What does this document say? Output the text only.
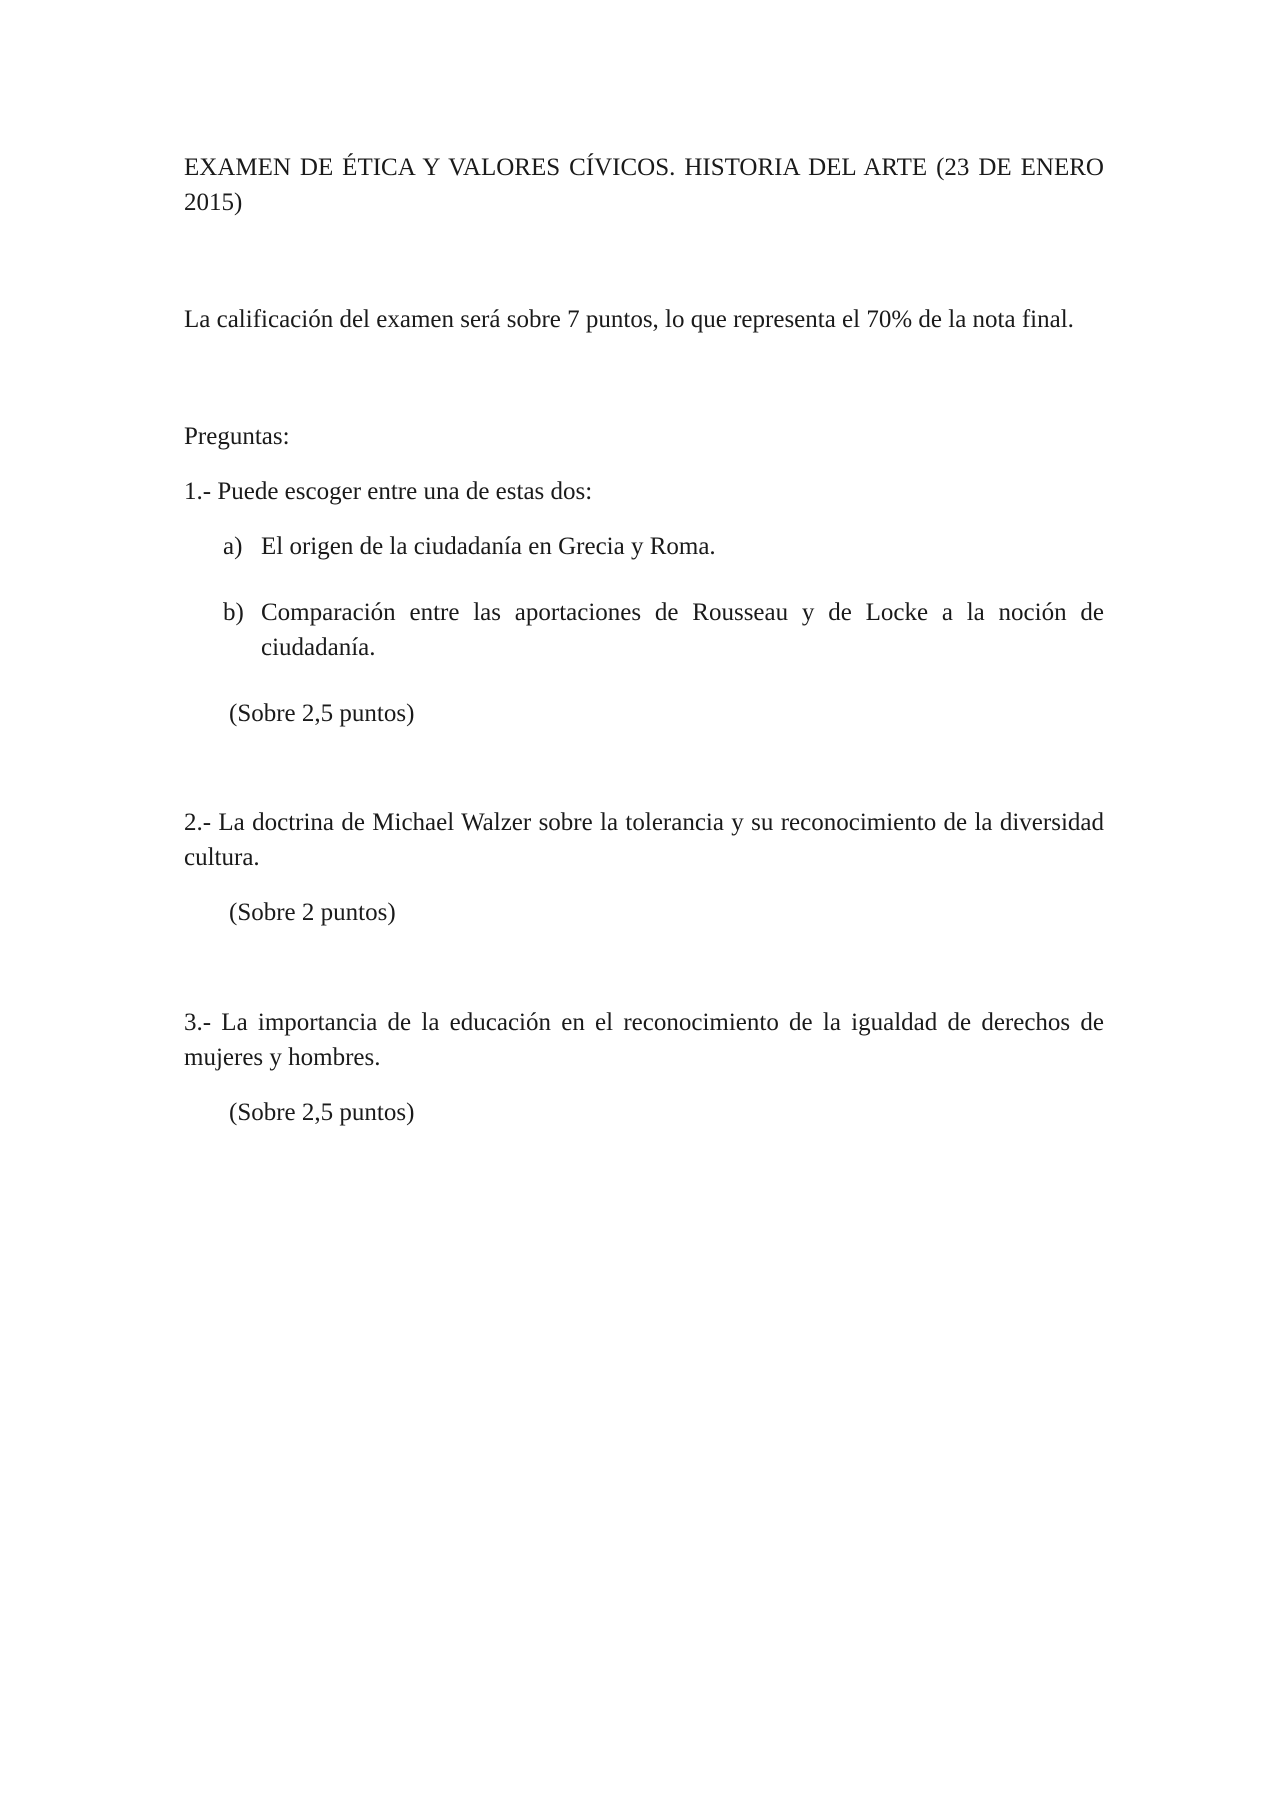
EXAMEN DE ÉTICA Y VALORES CÍVICOS. HISTORIA DEL ARTE (23 DE ENERO 2015)

La calificación del examen será sobre 7 puntos, lo que representa el 70% de la nota final.

Preguntas:

1.- Puede escoger entre una de estas dos:

a) El origen de la ciudadanía en Grecia y Roma.
b) Comparación entre las aportaciones de Rousseau y de Locke a la noción de ciudadanía.

(Sobre 2,5 puntos)

2.- La doctrina de Michael Walzer sobre la tolerancia y su reconocimiento de la diversidad cultura.

(Sobre 2 puntos)

3.- La importancia de la educación en el reconocimiento de la igualdad de derechos de mujeres y hombres.

(Sobre 2,5 puntos)
